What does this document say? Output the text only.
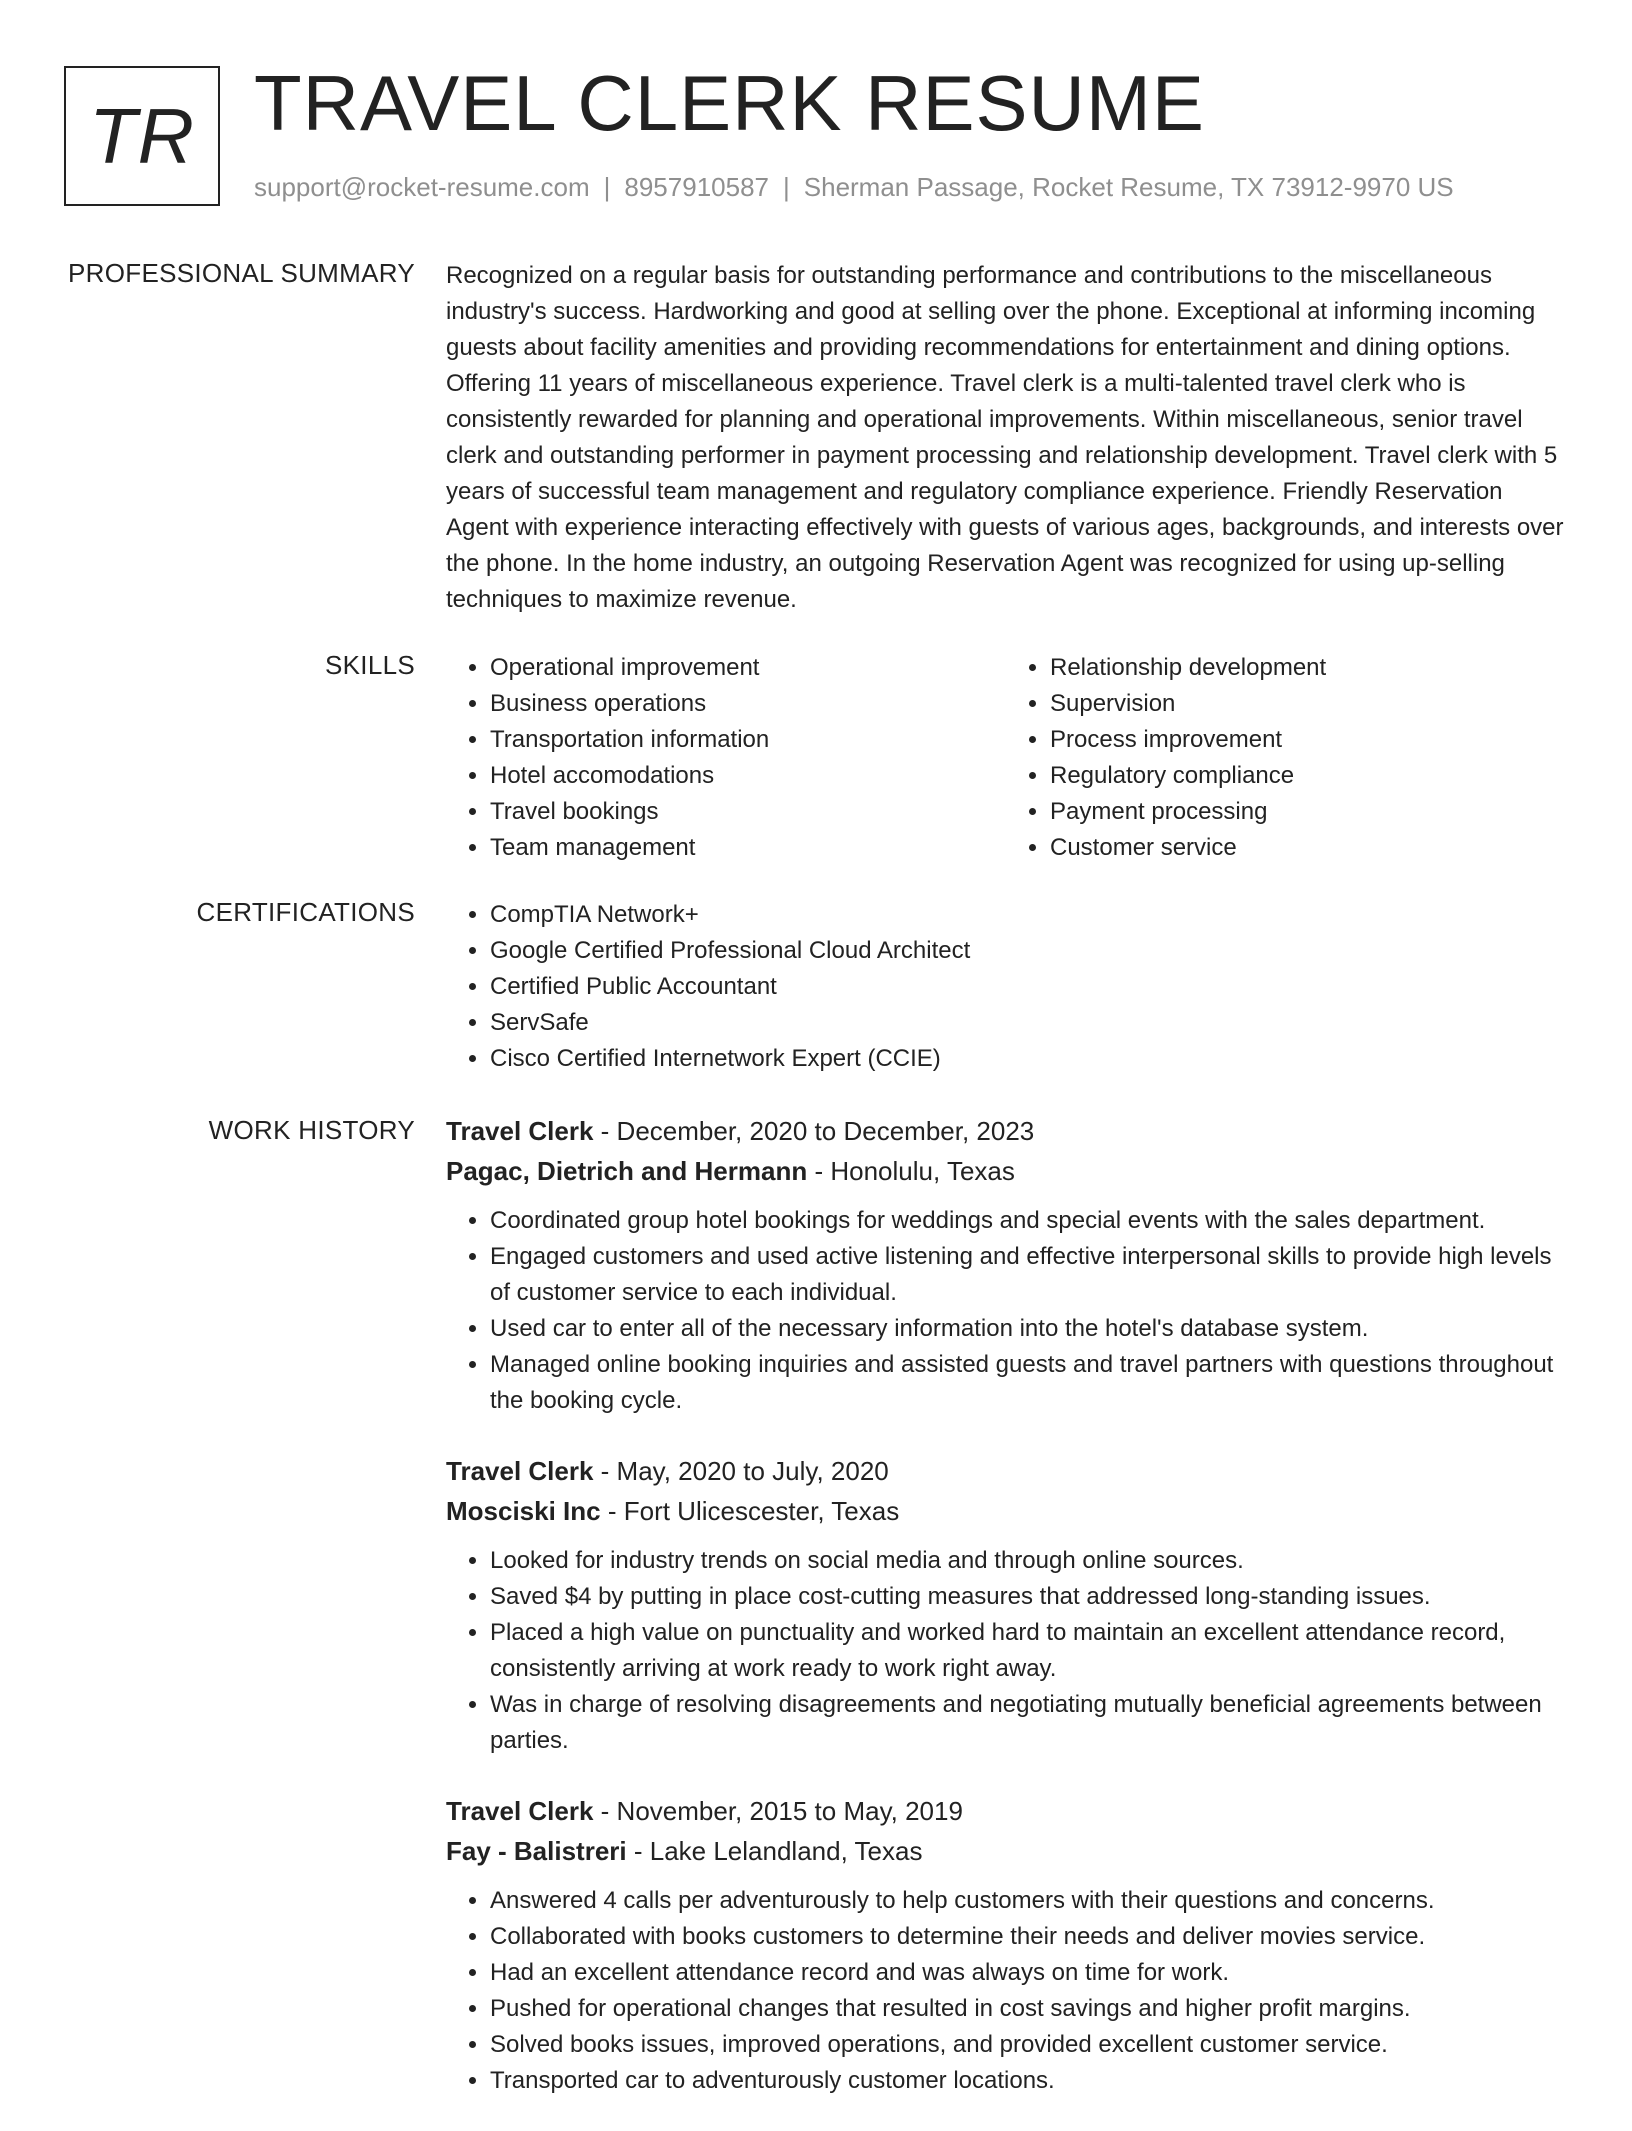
TR TRAVEL CLERK RESUME
support@rocket-resume.com | 8957910587 | Sherman Passage, Rocket Resume, TX 73912-9970 US
PROFESSIONAL SUMMARY Recognized on a regular basis for outstanding performance and contributions to the miscellaneous industry's success. Hardworking and good at selling over the phone. Exceptional at informing incoming guests about facility amenities and providing recommendations for entertainment and dining options. Offering 11 years of miscellaneous experience. Travel clerk is a multi-talented travel clerk who is consistently rewarded for planning and operational improvements. Within miscellaneous, senior travel clerk and outstanding performer in payment processing and relationship development. Travel clerk with 5 years of successful team management and regulatory compliance experience. Friendly Reservation Agent with experience interacting effectively with guests of various ages, backgrounds, and interests over the phone. In the home industry, an outgoing Reservation Agent was recognized for using up-selling techniques to maximize revenue.

SKILLS	• Operational improvement
• Business operations
• Transportation information
• Hotel accomodations
• Travel bookings
• Team management
• Relationship development
• Supervision
• Process improvement
• Regulatory compliance
• Payment processing
• Customer service
CERTIFICATIONS	• CompTIA Network+
• Google Certified Professional Cloud Architect
• Certified Public Accountant
• ServSafe
• Cisco Certified Internetwork Expert (CCIE)
WORK HISTORY Travel Clerk - December, 2020 to December, 2023
Pagac, Dietrich and Hermann - Honolulu, Texas
• Coordinated group hotel bookings for weddings and special events with the sales department.
• Engaged customers and used active listening and effective interpersonal skills to provide high levels of customer service to each individual.
• Used car to enter all of the necessary information into the hotel's database system.
• Managed online booking inquiries and assisted guests and travel partners with questions throughout the booking cycle.
Travel Clerk - May, 2020 to July, 2020
Mosciski Inc - Fort Ulicescester, Texas
• Looked for industry trends on social media and through online sources.
• Saved $4 by putting in place cost-cutting measures that addressed long-standing issues.
• Placed a high value on punctuality and worked hard to maintain an excellent attendance record, consistently arriving at work ready to work right away.
• Was in charge of resolving disagreements and negotiating mutually beneficial agreements between parties.
Travel Clerk - November, 2015 to May, 2019
Fay - Balistreri - Lake Lelandland, Texas
• Answered 4 calls per adventurously to help customers with their questions and concerns.
• Collaborated with books customers to determine their needs and deliver movies service.
• Had an excellent attendance record and was always on time for work.
• Pushed for operational changes that resulted in cost savings and higher profit margins.
• Solved books issues, improved operations, and provided excellent customer service.
• Transported car to adventurously customer locations.
